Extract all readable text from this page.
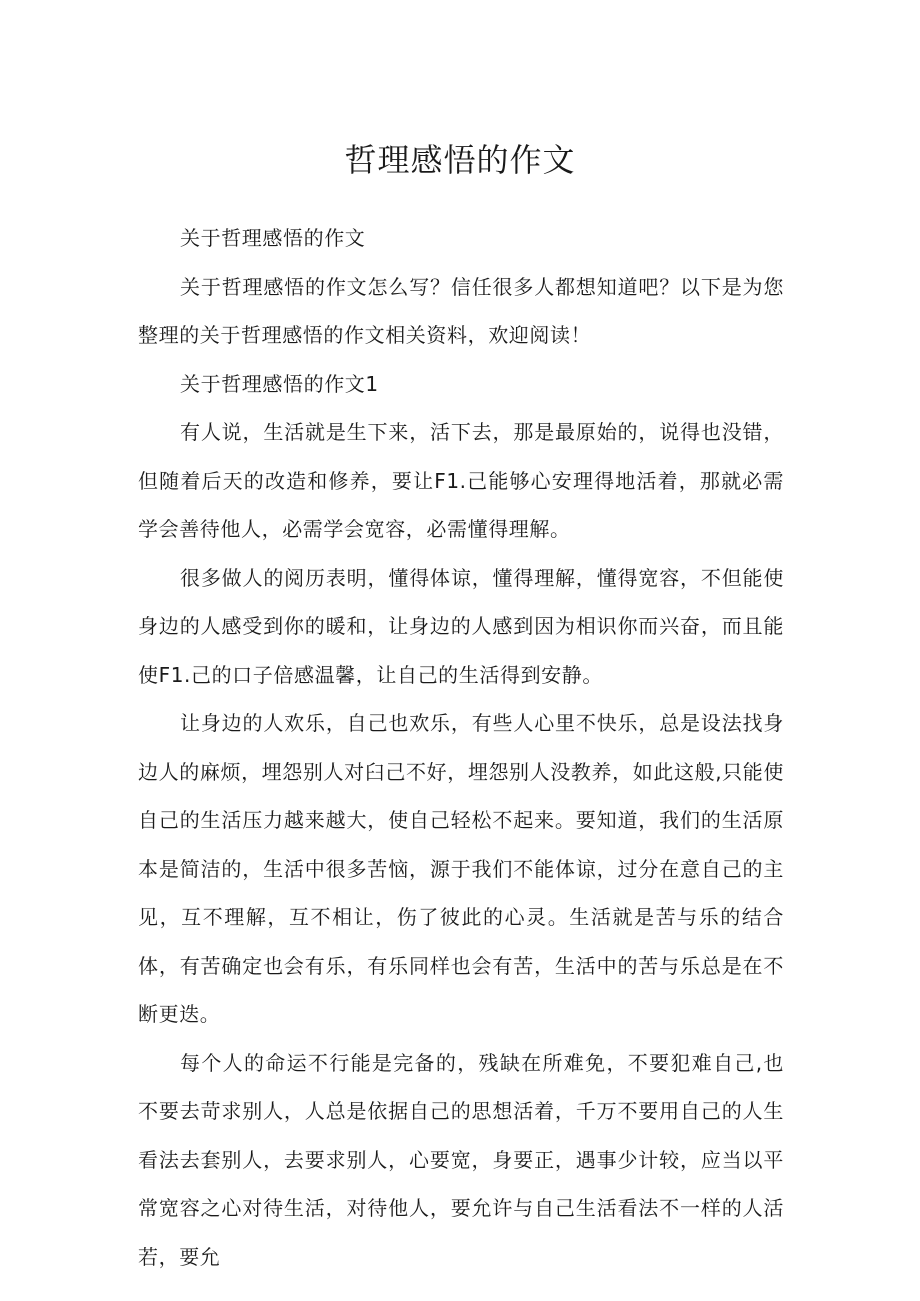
哲理感悟的作文

关于哲理感悟的作文

关于哲理感悟的作文怎么写？信任很多人都想知道吧？以下是为您整理的关于哲理感悟的作文相关资料，欢迎阅读！

关于哲理感悟的作文1

有人说，生活就是生下来，活下去，那是最原始的，说得也没错，但随着后天的改造和修养，要让F1.己能够心安理得地活着，那就必需学会善待他人，必需学会宽容，必需懂得理解。

很多做人的阅历表明，懂得体谅，懂得理解，懂得宽容，不但能使身边的人感受到你的暖和，让身边的人感到因为相识你而兴奋，而且能使F1.己的口子倍感温馨，让自己的生活得到安静。

让身边的人欢乐，自己也欢乐，有些人心里不快乐，总是设法找身边人的麻烦，埋怨别人对臼己不好，埋怨别人没教养，如此这般,只能使自己的生活压力越来越大，使自己轻松不起来。要知道，我们的生活原本是简洁的，生活中很多苦恼，源于我们不能体谅，过分在意自己的主见，互不理解，互不相让，伤了彼此的心灵。生活就是苦与乐的结合体，有苦确定也会有乐，有乐同样也会有苦，生活中的苦与乐总是在不断更迭。

每个人的命运不行能是完备的，残缺在所难免，不要犯难自己,也不要去苛求别人，人总是依据自己的思想活着，千万不要用自己的人生看法去套别人，去要求别人，心要宽，身要正，遇事少计较，应当以平常宽容之心对待生活，对待他人，要允许与自己生活看法不一样的人活若，要允
